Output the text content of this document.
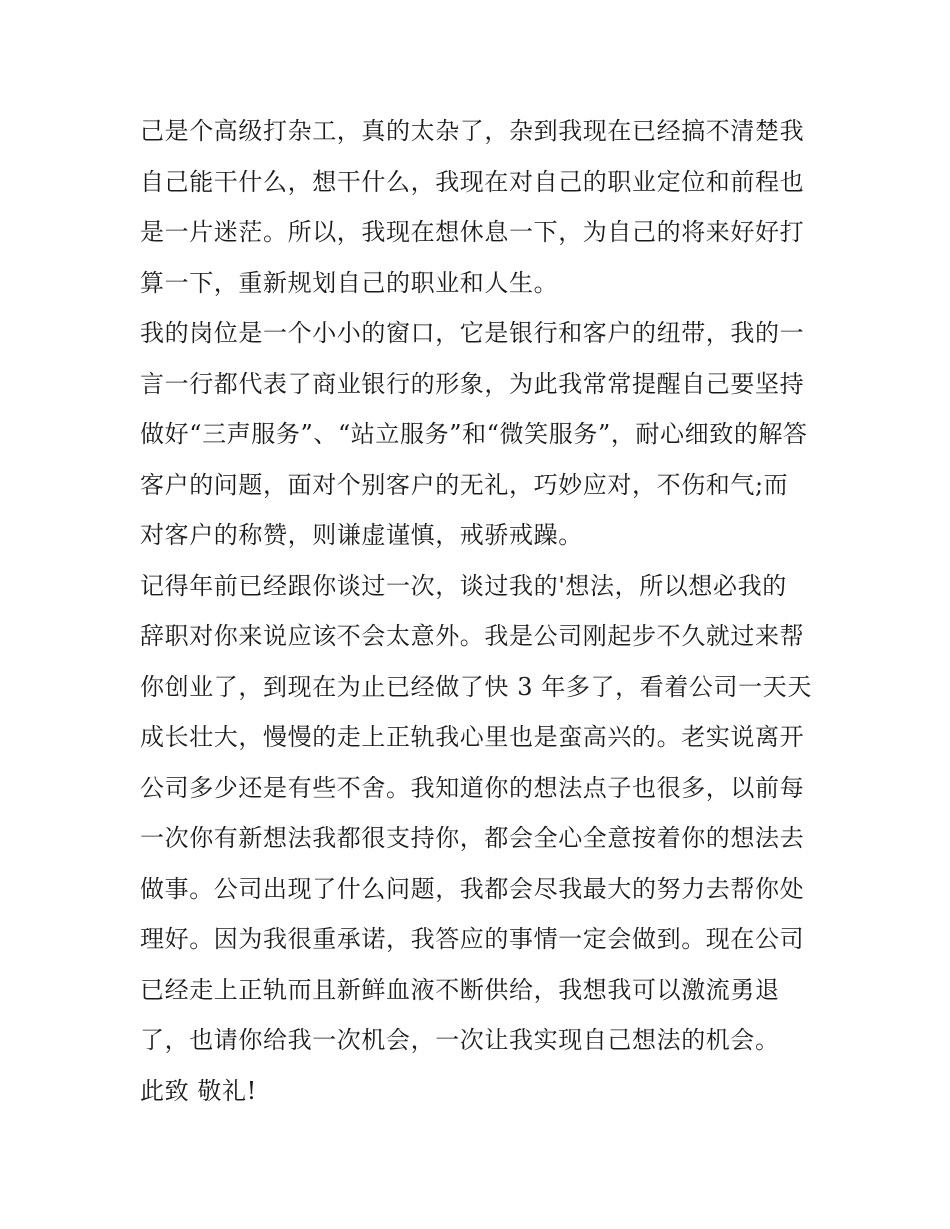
己是个高级打杂工，真的太杂了，杂到我现在已经搞不清楚我
自己能干什么，想干什么，我现在对自己的职业定位和前程也
是一片迷茫。所以，我现在想休息一下，为自己的将来好好打
算一下，重新规划自己的职业和人生。
我的岗位是一个小小的窗口，它是银行和客户的纽带，我的一
言一行都代表了商业银行的形象，为此我常常提醒自己要坚持
做好“三声服务”、“站立服务”和“微笑服务”，耐心细致的解答
客户的问题，面对个别客户的无礼，巧妙应对，不伤和气;而
对客户的称赞，则谦虚谨慎，戒骄戒躁。
记得年前已经跟你谈过一次，谈过我的'想法，所以想必我的
辞职对你来说应该不会太意外。我是公司刚起步不久就过来帮
你创业了，到现在为止已经做了快 3 年多了，看着公司一天天
成长壮大，慢慢的走上正轨我心里也是蛮高兴的。老实说离开
公司多少还是有些不舍。我知道你的想法点子也很多，以前每
一次你有新想法我都很支持你，都会全心全意按着你的想法去
做事。公司出现了什么问题，我都会尽我最大的努力去帮你处
理好。因为我很重承诺，我答应的事情一定会做到。现在公司
已经走上正轨而且新鲜血液不断供给，我想我可以激流勇退
了，也请你给我一次机会，一次让我实现自己想法的机会。
此致 敬礼!
